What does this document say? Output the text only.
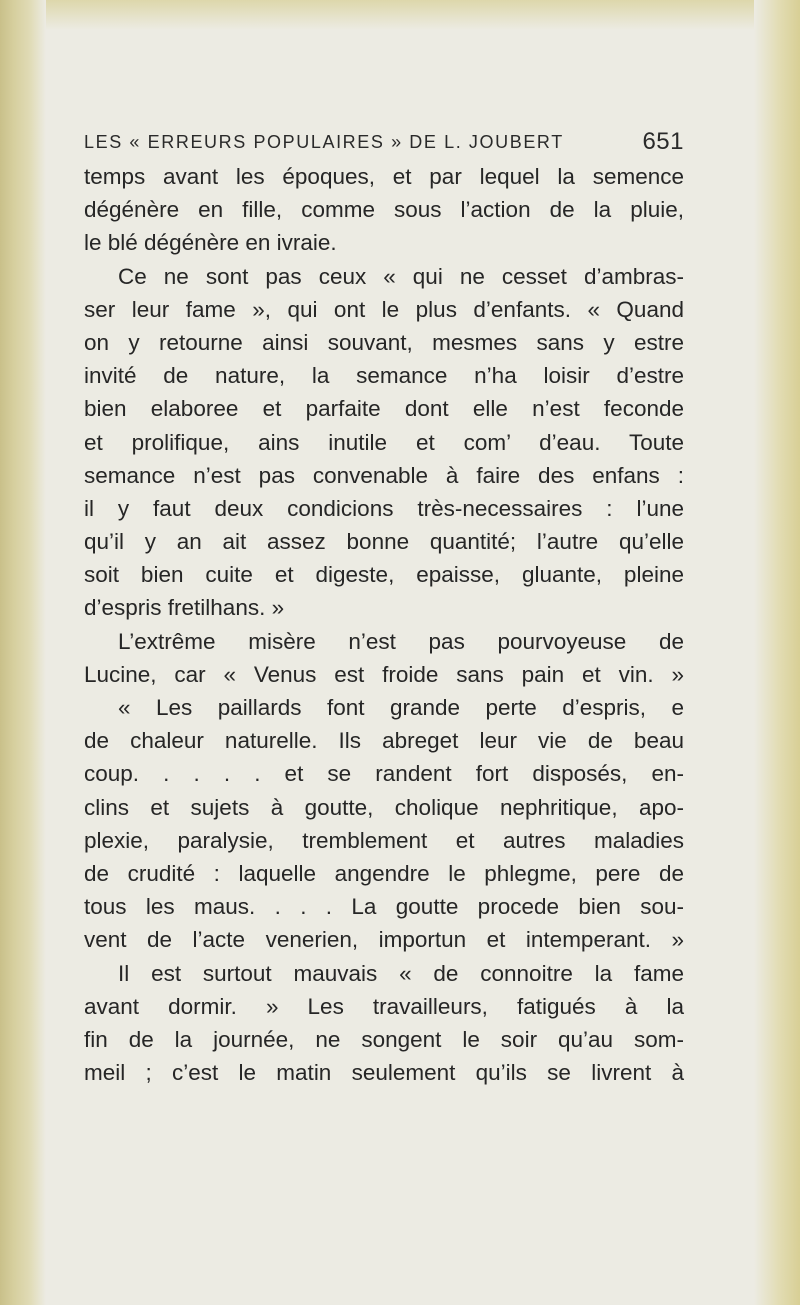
LES « ERREURS POPULAIRES » DE L. JOUBERT	651
temps avant les époques, et par lequel la semence
dégénère en fille, comme sous l’action de la pluie,
le blé dégénère en ivraie.
Ce ne sont pas ceux « qui ne cesset d’ambras-
ser leur fame », qui ont le plus d’enfants. « Quand
on y retourne ainsi souvant, mesmes sans y estre
invité de nature, la semance n’ha loisir d’estre
bien elaboree et parfaite dont elle n’est feconde
et prolifique, ains inutile et com’ d’eau. Toute
semance n’est pas convenable à faire des enfans :
il y faut deux condicions très-necessaires : l’une
qu’il y an ait assez bonne quantité; l’autre qu’elle
soit bien cuite et digeste, epaisse, gluante, pleine
d’espris fretilhans. »
L’extrême misère n’est pas pourvoyeuse de
Lucine, car « Venus est froide sans pain et vin. »
« Les paillards font grande perte d’espris, e
de chaleur naturelle. Ils abreget leur vie de beau
coup. . . . . et se randent fort disposés, en-
clins et sujets à goutte, cholique nephritique, apo-
plexie, paralysie, tremblement et autres maladies
de crudité : laquelle angendre le phlegme, pere de
tous les maus. . . . La goutte procede bien sou-
vent de l’acte venerien, importun et intemperant. »
Il est surtout mauvais « de connoitre la fame
avant dormir. » Les travailleurs, fatigués à la
fin de la journée, ne songent le soir qu’au som-
meil ; c’est le matin seulement qu’ils se livrent à
